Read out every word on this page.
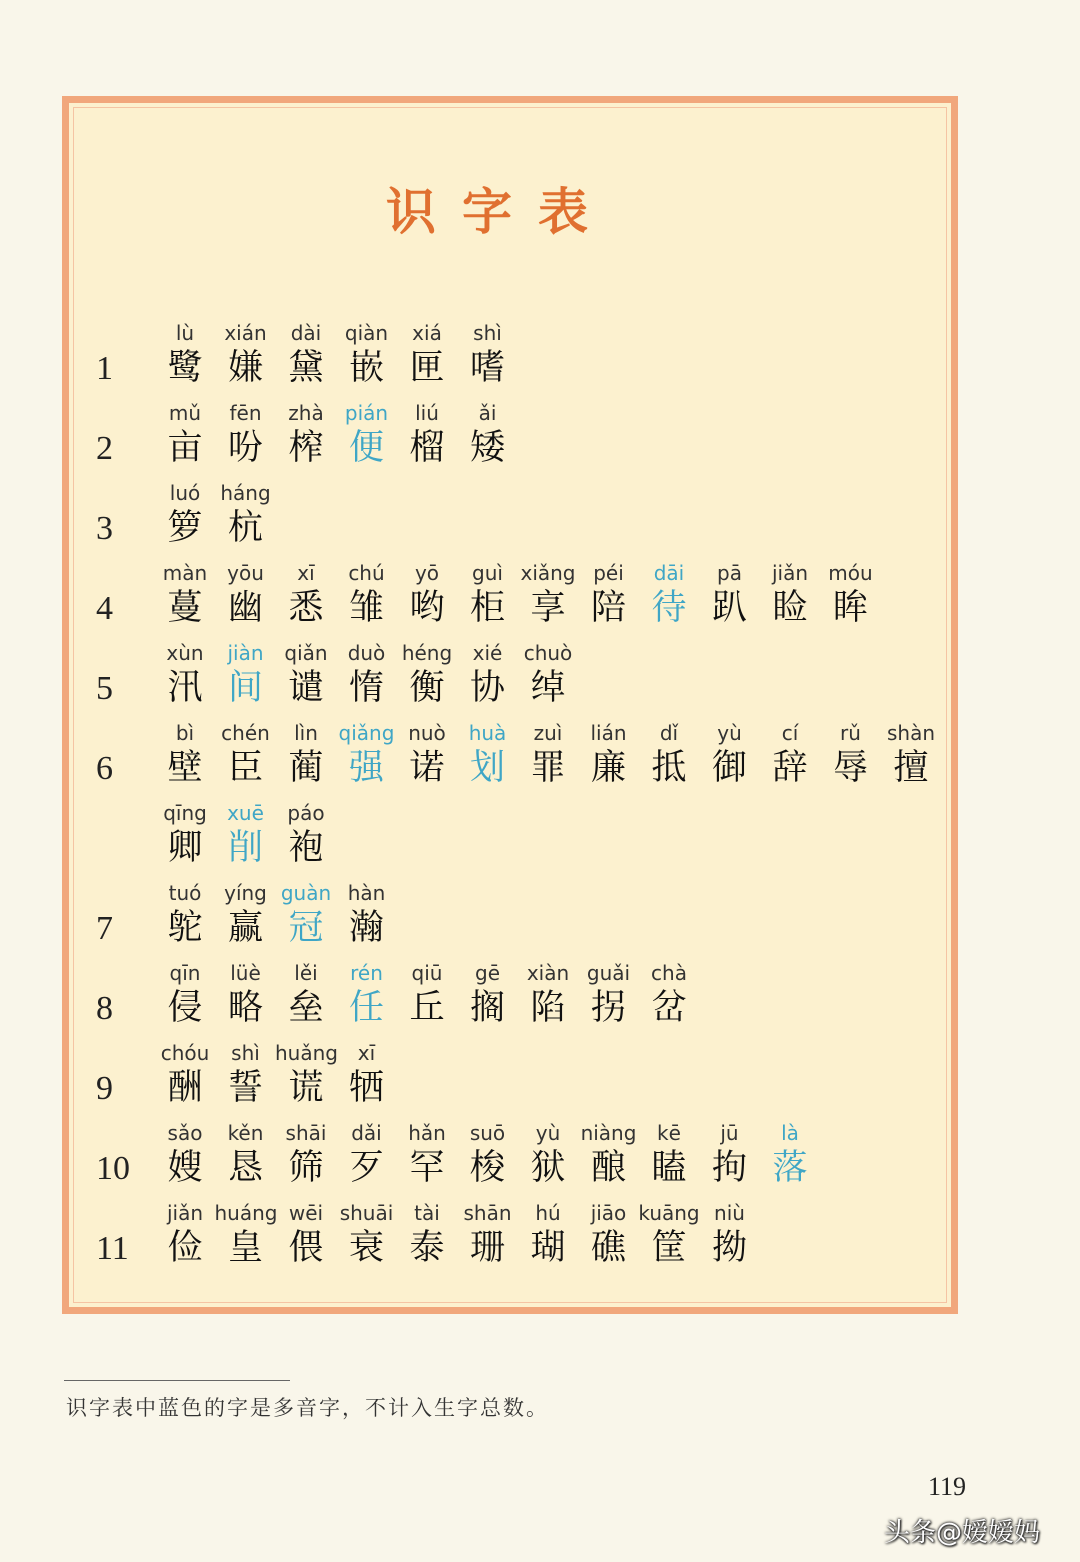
识字表
1
lù
鹭
xián
嫌
dài
黛
qiàn
嵌
xiá
匣
shì
嗜
2
mǔ
亩
fēn
吩
zhà
榨
pián
便
liú
榴
ǎi
矮
3
luó
箩
háng
杭
4
màn
蔓
yōu
幽
xī
悉
chú
雏
yō
哟
guì
柜
xiǎng
享
péi
陪
dāi
待
pā
趴
jiǎn
睑
móu
眸
5
xùn
汛
jiàn
间
qiǎn
谴
duò
惰
héng
衡
xié
协
chuò
绰
6
bì
壁
chén
臣
lìn
蔺
qiǎng
强
nuò
诺
huà
划
zuì
罪
lián
廉
dǐ
抵
yù
御
cí
辞
rǔ
辱
shàn
擅
qīng
卿
xuē
削
páo
袍
7
tuó
鸵
yíng
赢
guàn
冠
hàn
瀚
8
qīn
侵
lüè
略
lěi
垒
rén
任
qiū
丘
gē
搁
xiàn
陷
guǎi
拐
chà
岔
9
chóu
酬
shì
誓
huǎng
谎
xī
牺
10
sǎo
嫂
kěn
恳
shāi
筛
dǎi
歹
hǎn
罕
suō
梭
yù
狱
niàng
酿
kē
瞌
jū
拘
là
落
11
jiǎn
俭
huáng
皇
wēi
偎
shuāi
衰
tài
泰
shān
珊
hú
瑚
jiāo
礁
kuāng
筐
niù
拗
识字表中蓝色的字是多音字，不计入生字总数。
119
头条@嫒嫒妈
